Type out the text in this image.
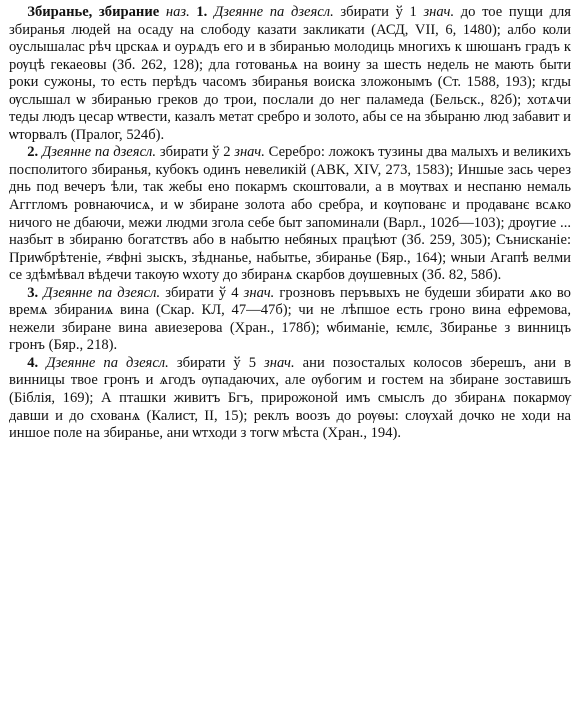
Збиранье, збирание наз. 1. Дзеянне па дзеясл. збирати ў 1 знач. до тое пущи для збиранья людей на осаду на слободу казати закликати (АСД, VII, 6, 1480); албо коли оуслышалас рѣч црскаѧ и оурѧдъ его и в збиранью молодиць многихъ к шюшанъ градъ к рѹцѣ гекаеовы (Зб. 262, 128); дла готованьѧ на воину за шесть недель не мають быти роки сужоны, то есть перѣдъ часомъ збиранья воиска зложонымъ (Ст. 1588, 193); кгды ѹслышал ѡ збиранью греков до трои, послали до нег паламеда (Бельск., 82б); хотѧчи теды людъ цесар ѡтвести, казалъ метат сребро и золото, абы се на збыраню люд забавит и ѡторвалъ (Пралог, 524б).

2. Дзеянне па дзеясл. збирати ў 2 знач. Серебро: ложокъ тузины два малыхъ и великихъ посполитого збиранья, кубокъ одинъ невеликій (АВК, XIV, 273, 1583); Иншые зась через днь под вечеръ ѣли, так жебы ено покармъ скоштовали, а в мѹтвах и неспаню немаль Агггломъ ровнаючисѧ, и ѡ збиране золота або сребра, и кѹпованє и продаванє всѧко ничого не дбаючи, межи людми згола себе быт запоминали (Варл., 102б—103); дрѹгие ... назбыт в збираню богатствъ або в набытю небяных працѣют (Зб. 259, 305); Сънисканіе: Приѡбрѣтеніе, ≠вфні зыскъ, зѣднанье, набытье, збиранье (Бяр., 164); ѡныи Агапѣ велми се здѣмѣвал вѣдечи такѹю ѡхоту до збиранѧ скарбов дѹшевных (Зб. 82, 58б).

3. Дзеянне па дзеясл. збирати ў 4 знач. грозновъ перъвыхъ не будеши збирати ѧко во времѧ збираниѧ вина (Скар. КЛ, 47—47б); чи не лѣпшое есть гроно вина ефремова, нежели збиране вина авиезерова (Хран., 178б); ѡбиманіе, ѥмлє, Збиранье з винницъ гронъ (Бяр., 218).

4. Дзеянне па дзеясл. збирати ў 5 знач. ани позосталых колосов зберешъ, ани в винницы твое гронъ и ѧгодъ ѹпадаючих, але ѹбогим и гостем на збиране зоставишъ (Біблія, 169); А пташки живитъ Бгъ, прирожоной имъ смыслъ до збиранѧ покармѹ давши и до схованѧ (Калист, II, 15); реклъ воозъ до рѹѳы: слѹхай дочко не ходи на иншое поле на збиранье, ани ѡтходи з тогѡ мѣста (Хран., 194).
